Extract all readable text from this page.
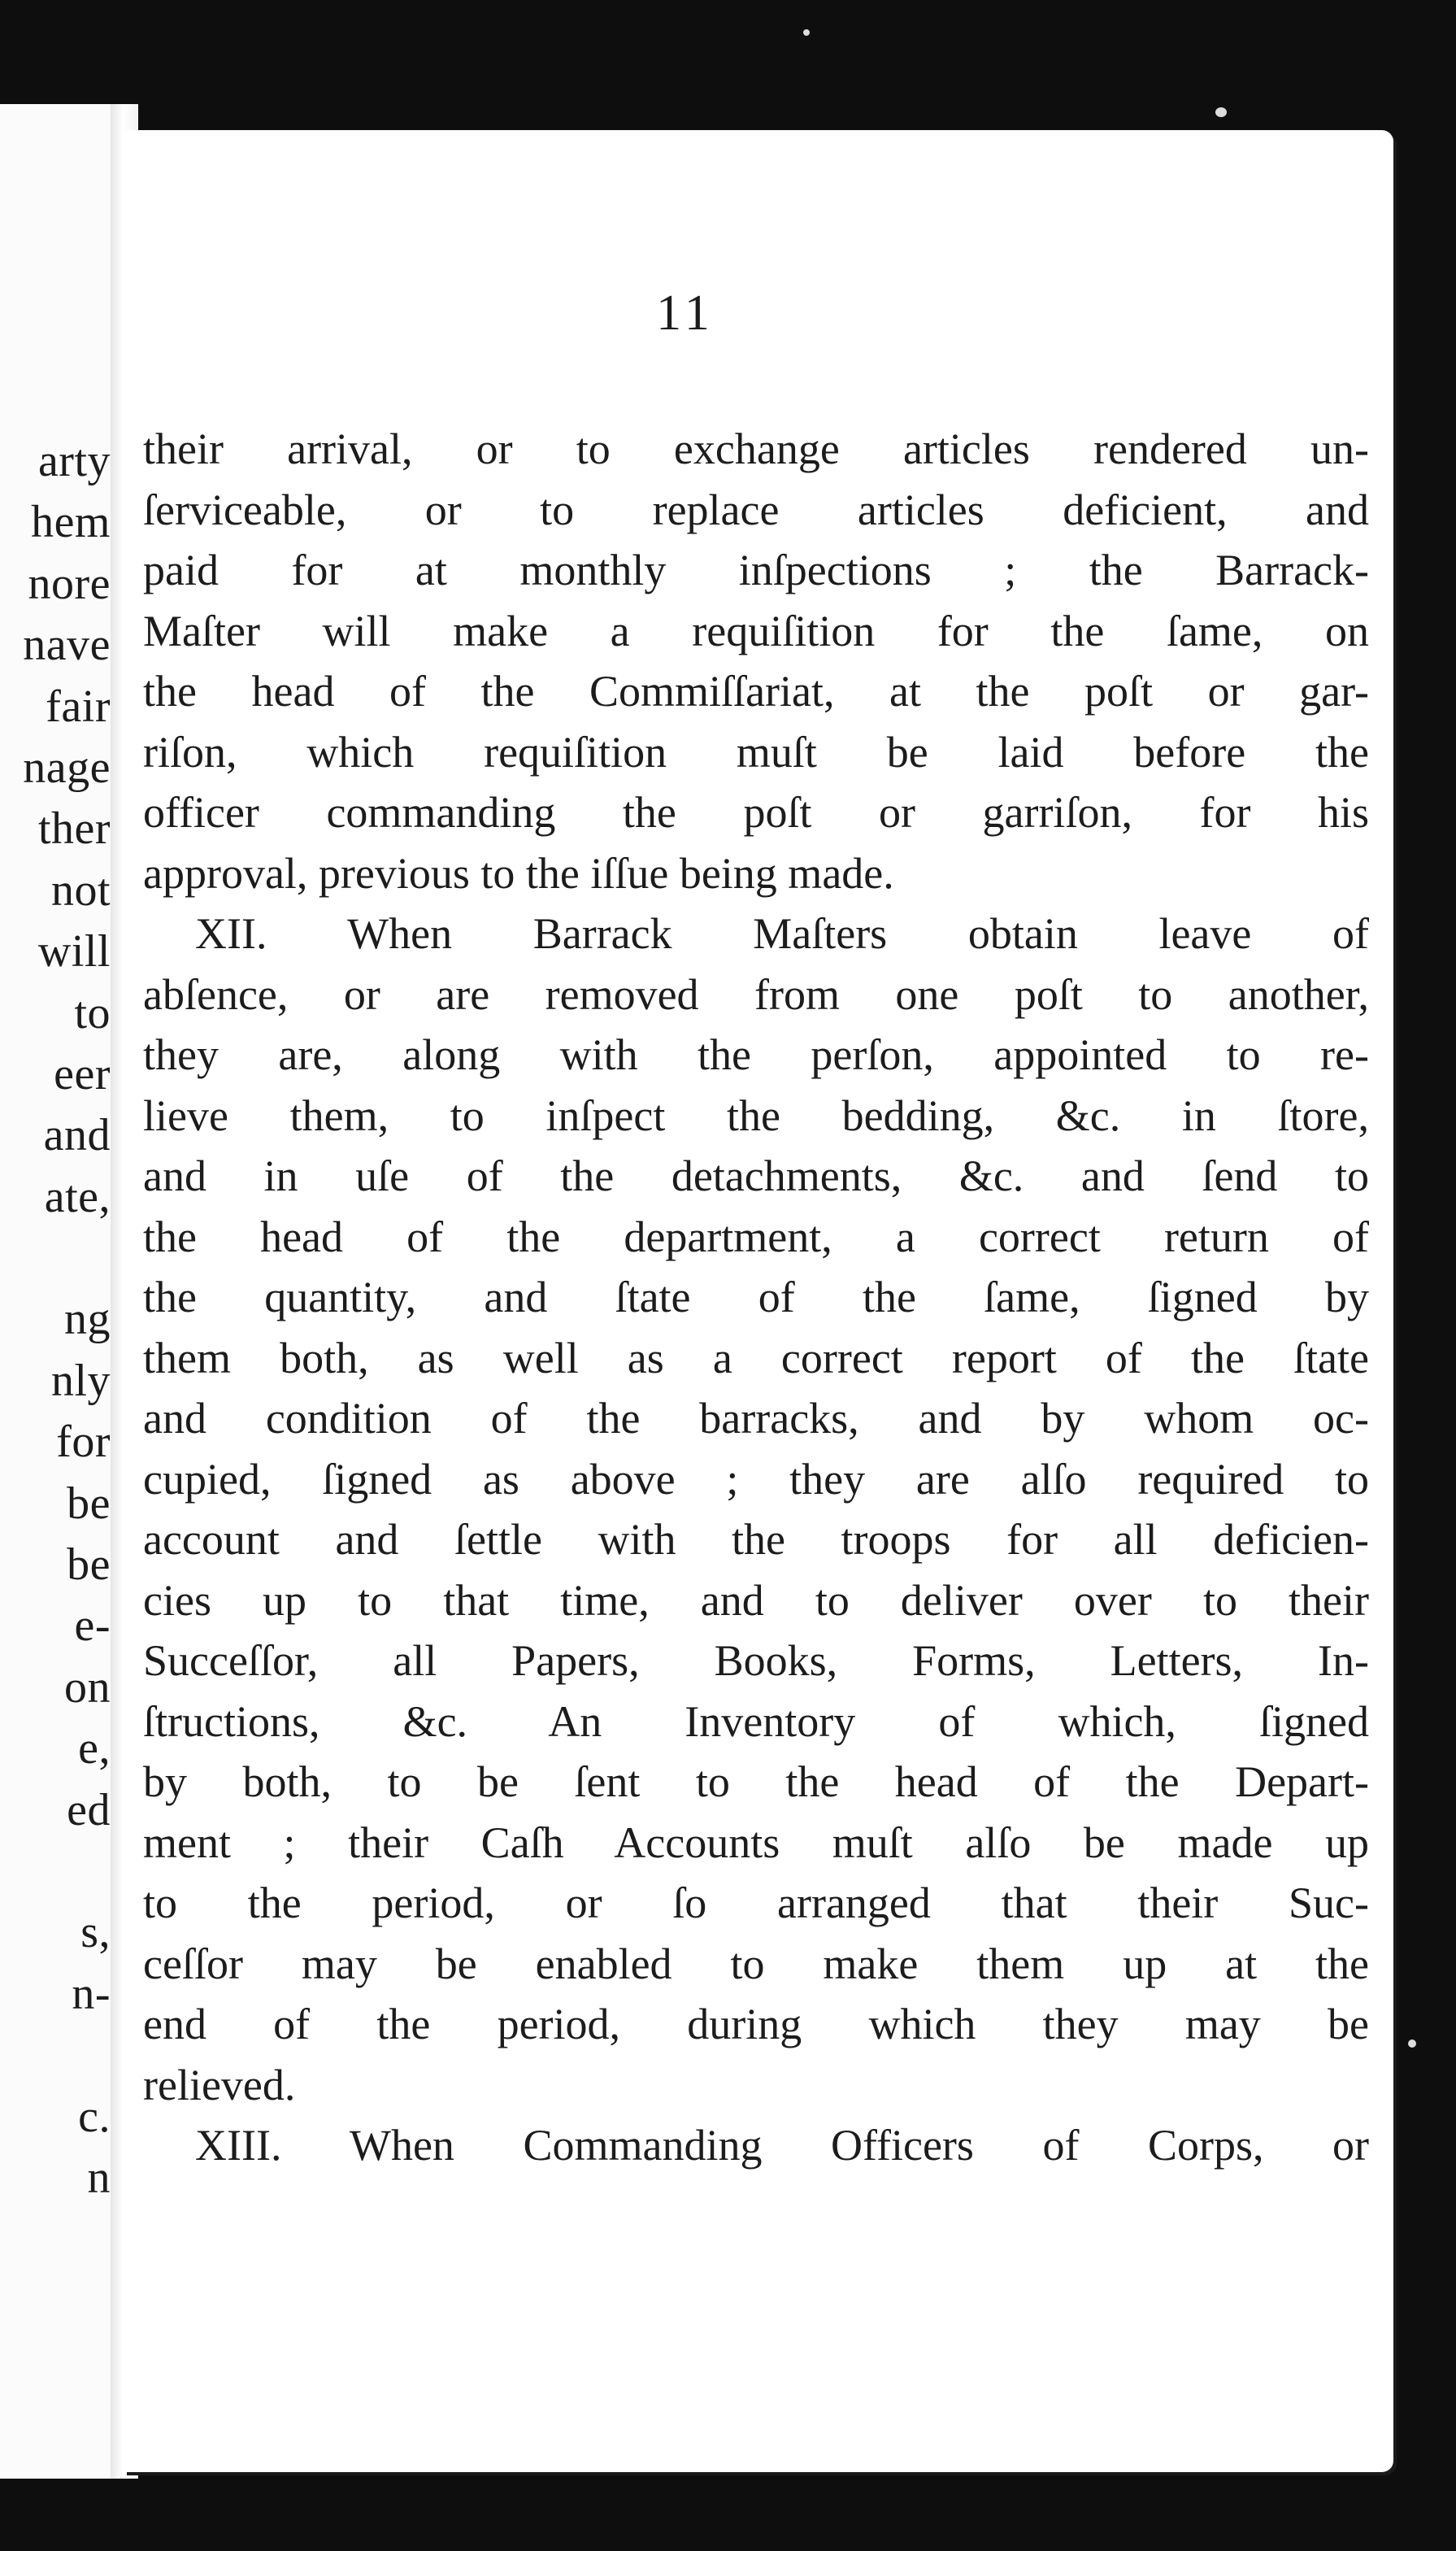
arty
hem
nore
nave
fair
nage
ther
not
will
to
eer
and
ate,
ng
nly
for
be
be
e-
on
e,
ed
s,
n-
c.
n
11
their arrival, or to exchange articles rendered un-
ſerviceable, or to replace articles deficient, and
paid for at monthly inſpections ; the Barrack-
Maſter will make a requiſition for the ſame, on
the head of the Commiſſariat, at the poſt or gar-
riſon, which requiſition muſt be laid before the
officer commanding the poſt or garriſon, for his
approval, previous to the iſſue being made.
XII. When Barrack Maſters obtain leave of
abſence, or are removed from one poſt to another,
they are, along with the perſon, appointed to re-
lieve them, to inſpect the bedding, &c. in ſtore,
and in uſe of the detachments, &c. and ſend to
the head of the department, a correct return of
the quantity, and ſtate of the ſame, ſigned by
them both, as well as a correct report of the ſtate
and condition of the barracks, and by whom oc-
cupied, ſigned as above ; they are alſo required to
account and ſettle with the troops for all deficien-
cies up to that time, and to deliver over to their
Succeſſor, all Papers, Books, Forms, Letters, In-
ſtructions, &c. An Inventory of which, ſigned
by both, to be ſent to the head of the Depart-
ment ; their Caſh Accounts muſt alſo be made up
to the period, or ſo arranged that their Suc-
ceſſor may be enabled to make them up at the
end of the period, during which they may be
relieved.
XIII. When Commanding Officers of Corps, or
